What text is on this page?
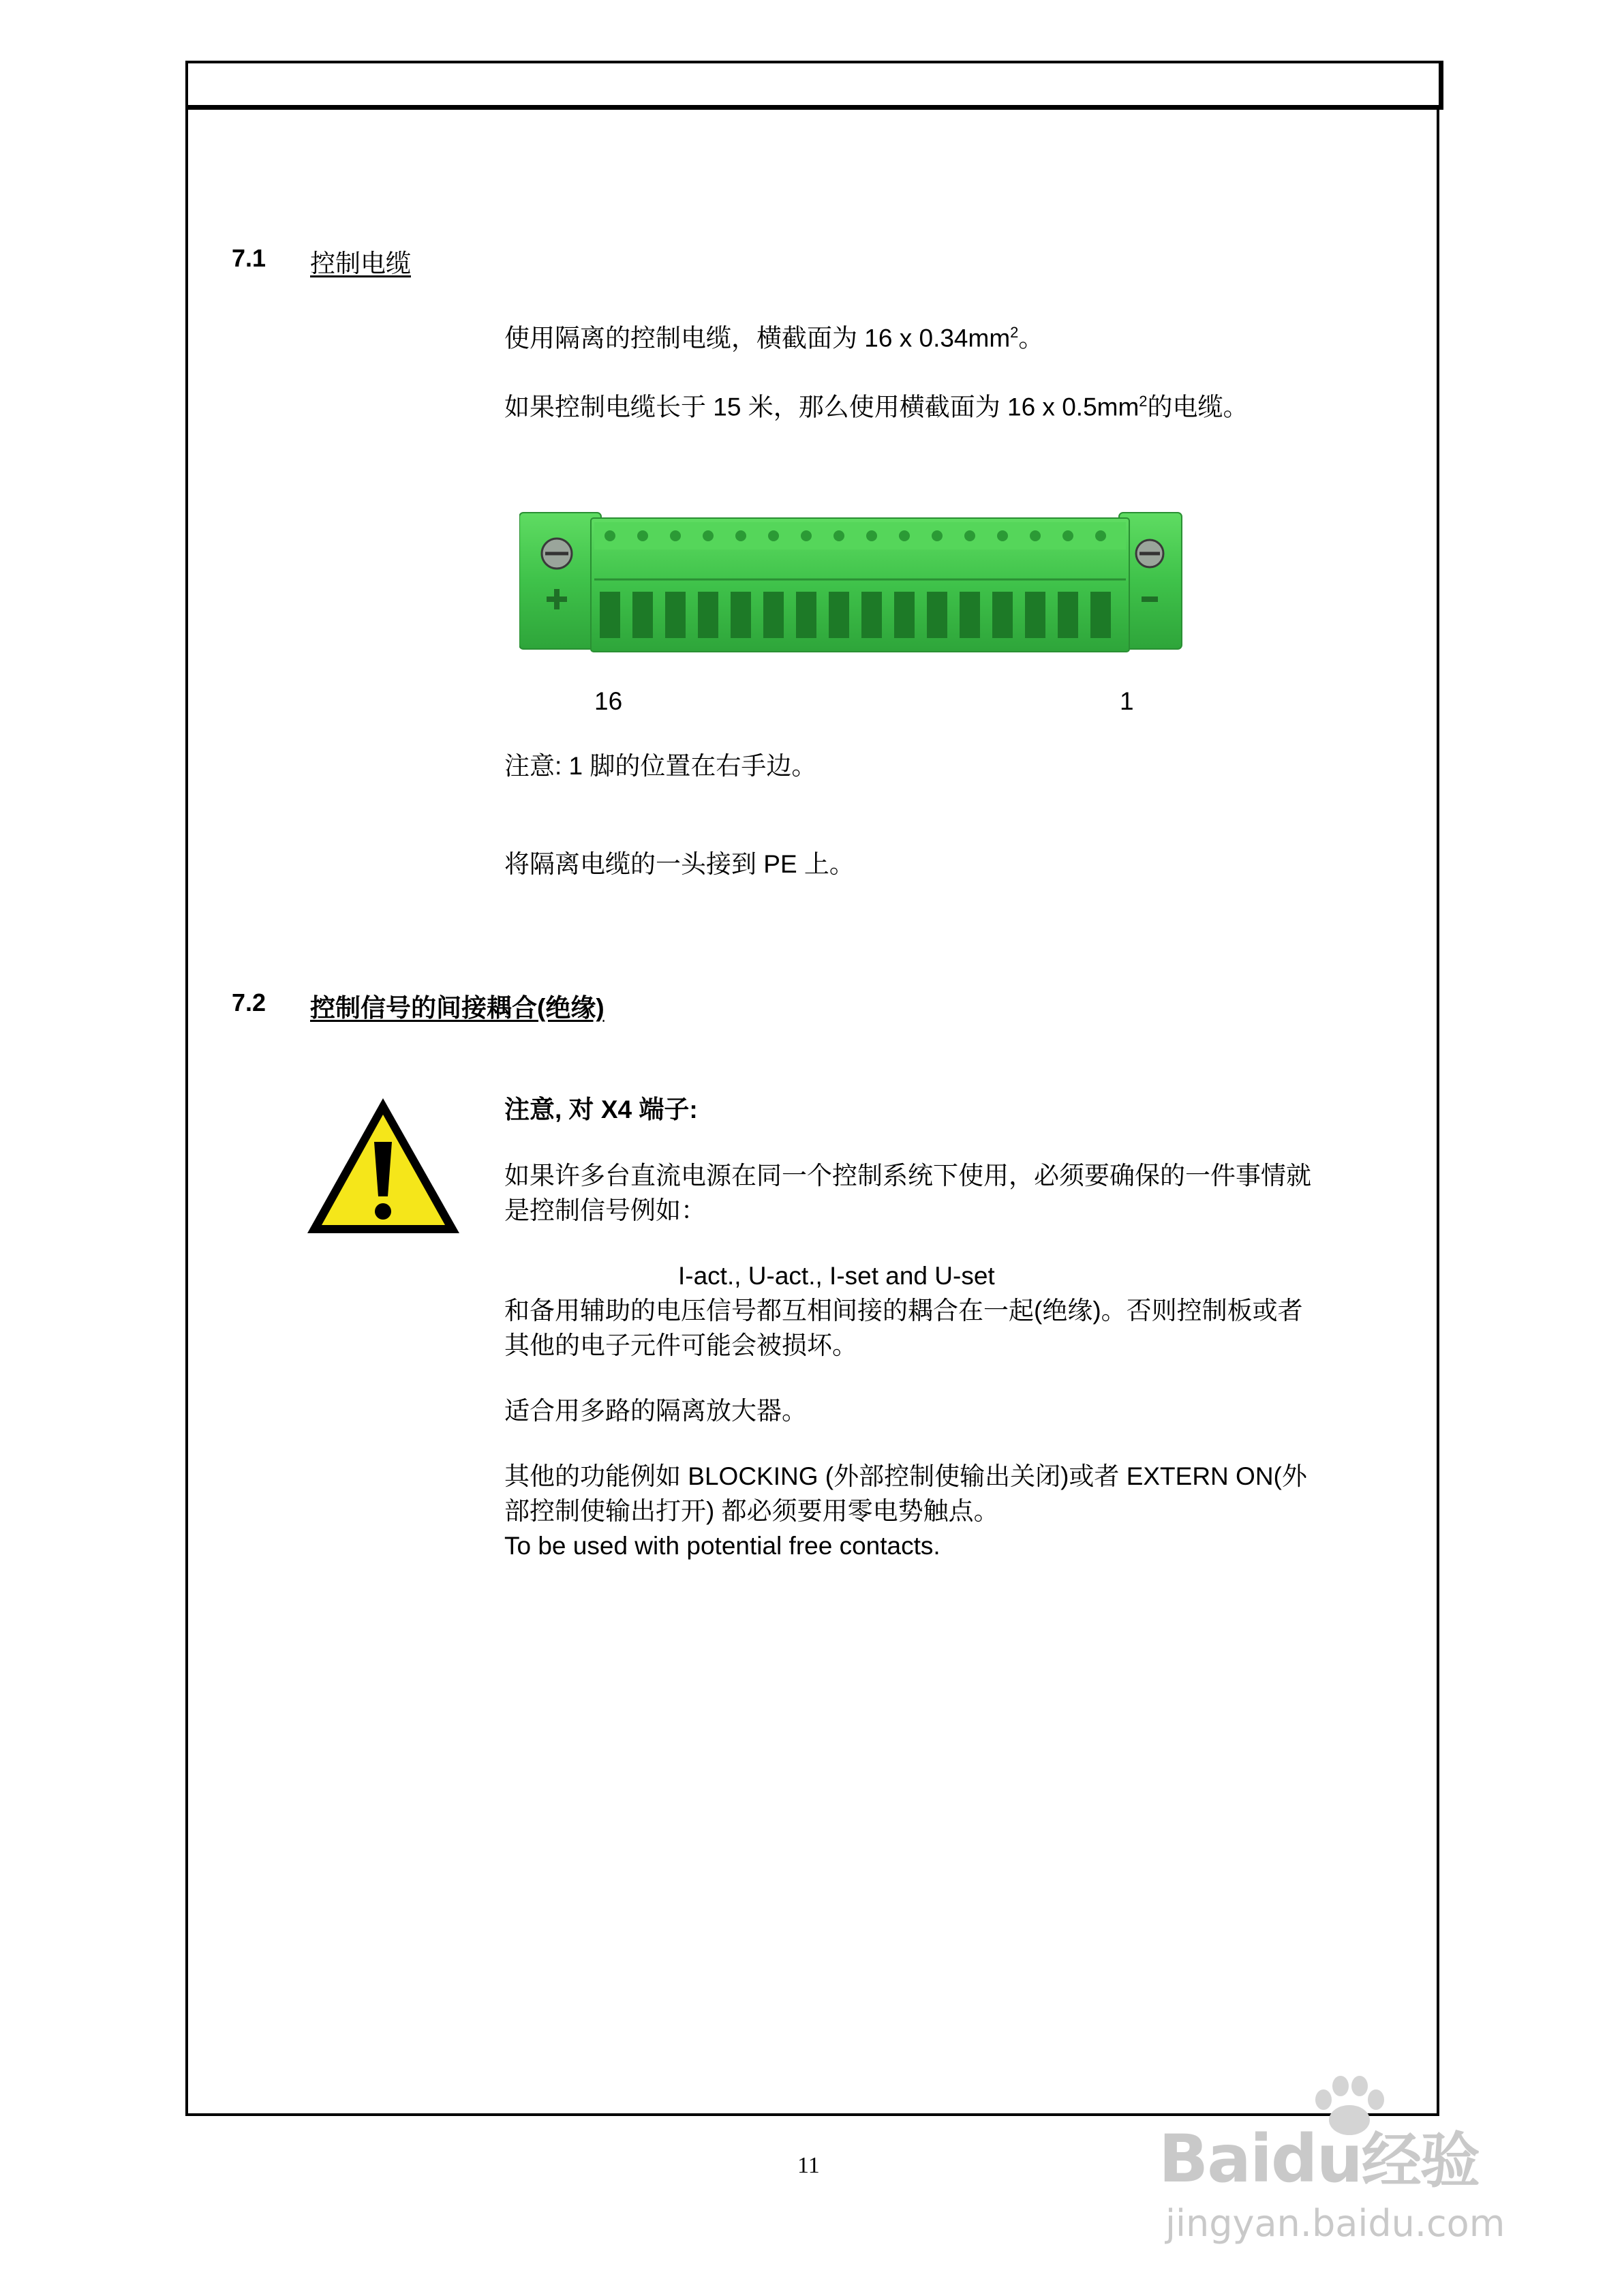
7.1 控制电缆
使用隔离的控制电缆，横截面为 16 x $0.34mm^2$。
如果控制电缆长于 15 米，那么使用横截面为 16 x $0.5mm^2$的电缆。
16	1
注意: 1 脚的位置在右手边。
将隔离电缆的一头接到 PE 上。
7.2 控制信号的间接耦合(绝缘)
注意, 对 X4 端子:
如果许多台直流电源在同一个控制系统下使用，必须要确保的一件事情就
是控制信号例如：
I-act., U-act., I-set and U-set
和备用辅助的电压信号都互相间接的耦合在一起(绝缘)。否则控制板或者
其他的电子元件可能会被损坏。
适合用多路的隔离放大器。
其他的功能例如 BLOCKING (外部控制使输出关闭)或者 EXTERN ON(外
部控制使输出打开) 都必须要用零电势触点。
To be used with potential free contacts.
11	Baidu经验
jingyan.baidu.com
